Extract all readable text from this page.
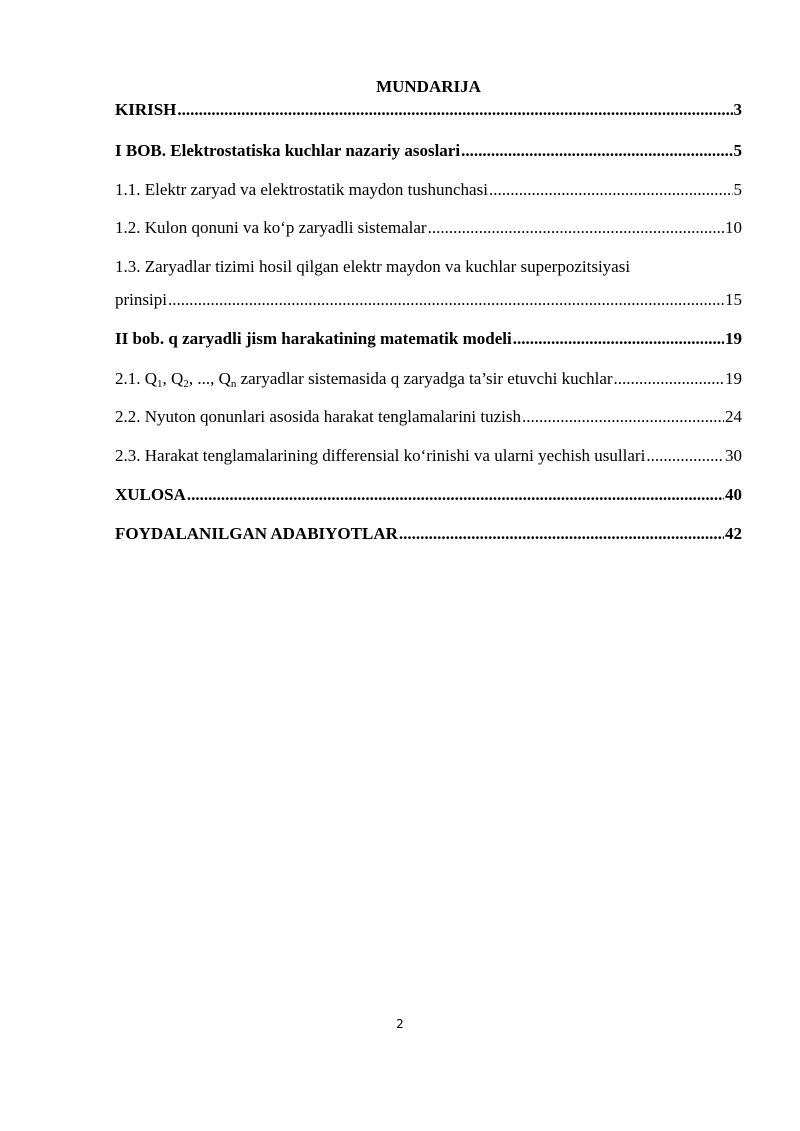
MUNDARIJA
KIRISH .....	3
I BOB. Elektrostatiska kuchlar nazariy asoslari .....	5
1.1. Elektr zaryad va elektrostatik maydon tushunchasi .....	5
1.2. Kulon qonuni va ko‘p zaryadli sistemalar .....	10
1.3. Zaryadlar tizimi hosil qilgan elektr maydon va kuchlar superpozitsiyasi
prinsipi .....	15
II bob. q zaryadli jism harakatining matematik modeli .....	19
2.1. $Q_1$, $Q_2$, ..., $Q_n$ zaryadlar sistemasida q zaryadga ta’sir etuvchi kuchlar .....	19
2.2. Nyuton qonunlari asosida harakat tenglamalarini tuzish .....	24
2.3. Harakat tenglamalarining differensial ko‘rinishi va ularni yechish usullari .....	30
XULOSA .....	40
FOYDALANILGAN ADABIYOTLAR .....	42
2
